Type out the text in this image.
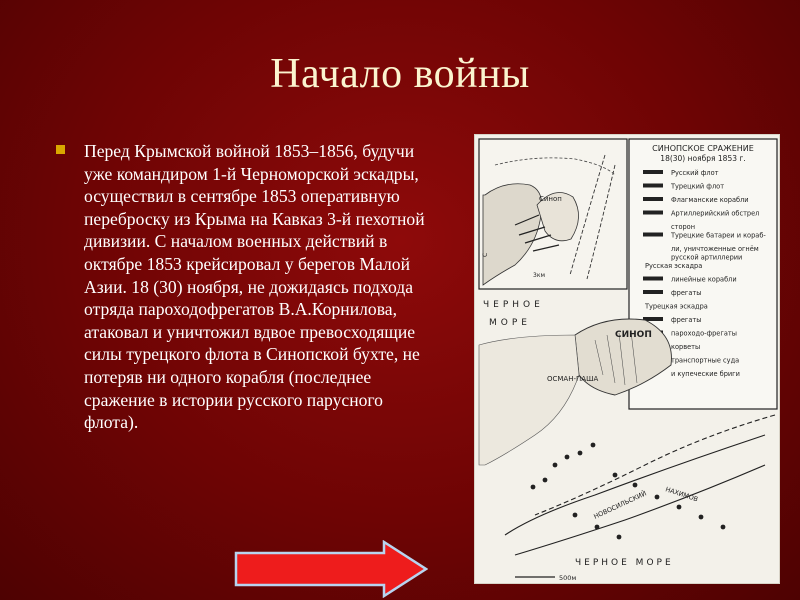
Начало войны
Перед Крымской войной 1853–1856, будучи уже командиром 1-й Черноморской эскадры, осуществил в сентябре 1853 оперативную переброску из Крыма на Кавказ 3-й пехотной дивизии. С началом военных действий в октябре 1853 крейсировал у берегов Малой Азии. 18 (30) ноября, не дожидаясь подхода отряда пароходофрегатов В.А.Корнилова, атаковал и уничтожил вдвое превосходящие силы турецкого флота в Синопской бухте, не потеряв ни одного корабля (последнее сражение в истории русского парусного флота).
Синоп
3км
С
СИНОПСКОЕ СРАЖЕНИЕ
18(30) ноября 1853 г.
Русский флот
Турецкий флот
Флагманские корабли
Артиллерийский обстрел
сторон
Турецкие батареи и кораб-
ли, уничтоженные огнём
русской артиллерии
Русская эскадра
линейные корабли
фрегаты
Турецкая эскадра
фрегаты
пароходо-фрегаты
корветы
транспортные суда
и купеческие бриги
СИНОП
ОСМАН-ПАША
ЧЕРНОЕ
МОРЕ
НАХИМОВ
НОВОСИЛЬСКИЙ
ЧЕРНОЕ МОРЕ
500м
